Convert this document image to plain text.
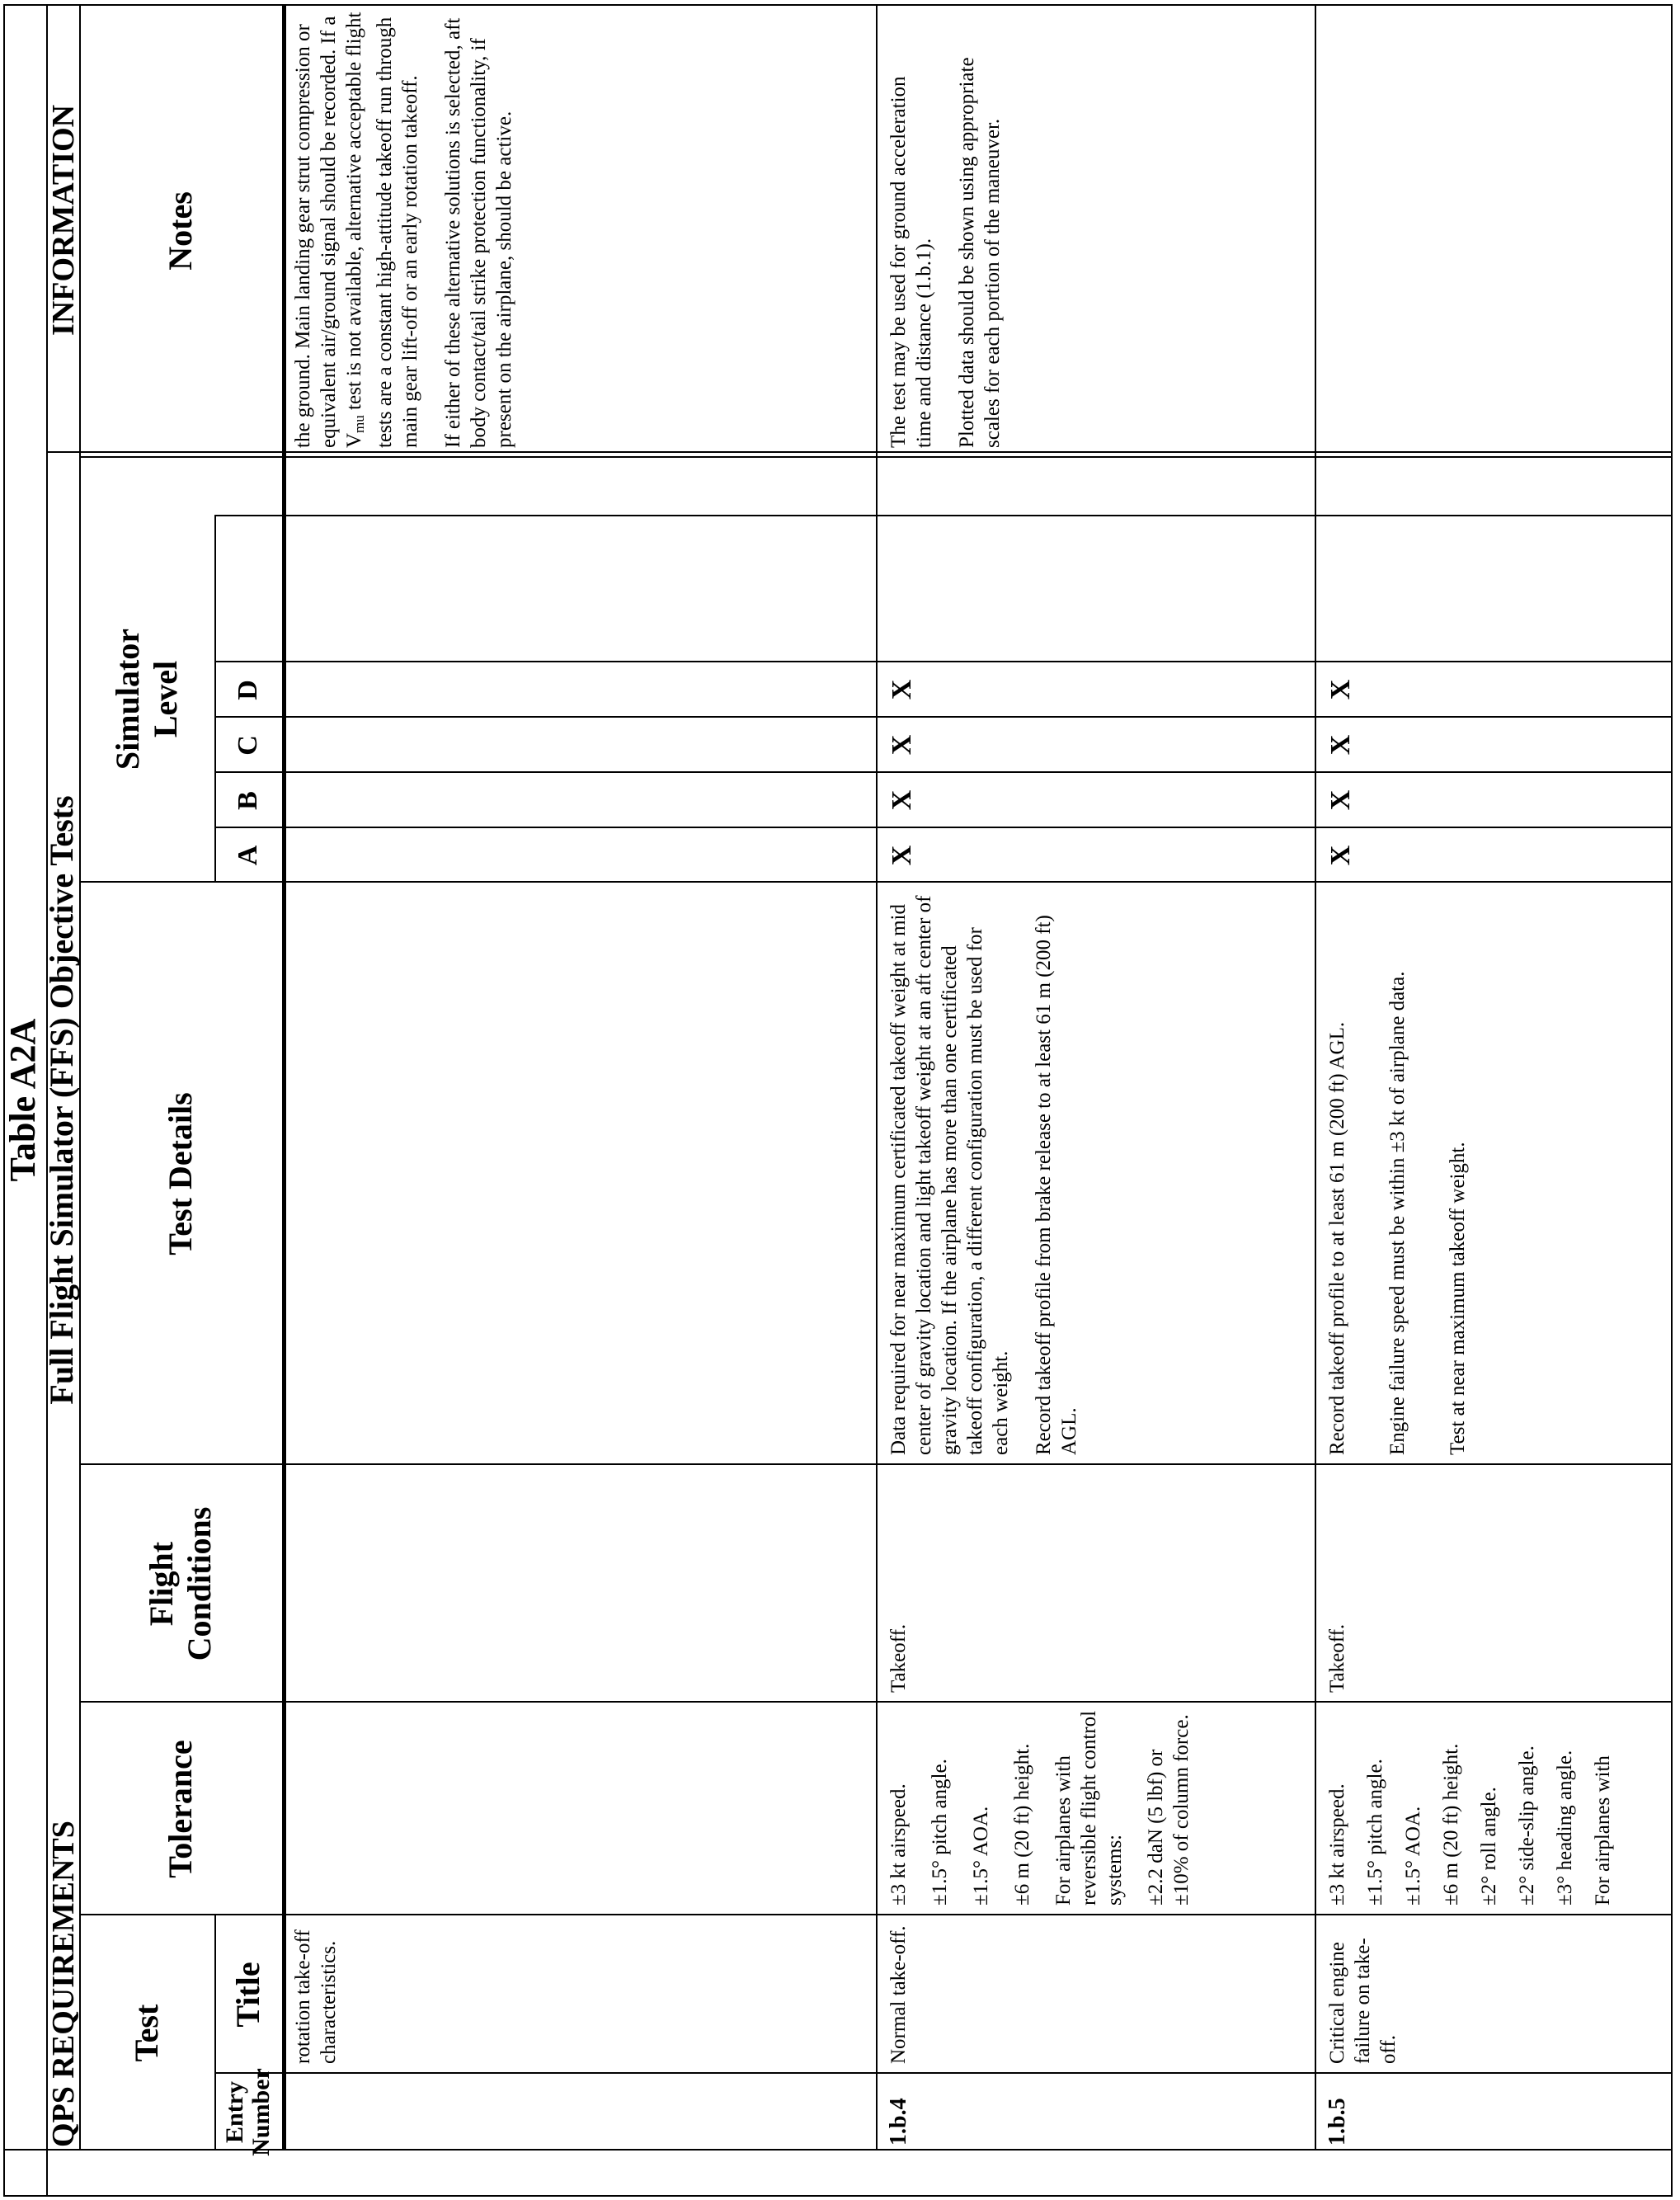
Table A2A Full Flight Simulator (FFS) Objective Tests
QPS REQUIREMENTS
INFORMATION
Test
Entry Number
Title
Tolerance
Flight Conditions
Test Details
Simulator Level
A
B
C
D
Notes
rotation take-off characteristics.

the ground. Main landing gear strut compression or equivalent air/ground signal should be recorded. If a $V_{mu}$ test is not available, alternative acceptable flight tests are a constant high-attitude takeoff run through main gear lift-off or an early rotation takeoff. If either of these alternative solutions is selected, aft body contact/tail strike protection functionality, if present on the airplane, should be active.

1.b.4
Normal take-off.

±3 kt airspeed. ±1.5° pitch angle. ±1.5° AOA. ±6 m (20 ft) height. For airplanes with reversible flight control systems: ±2.2 daN (5 lbf) or ±10% of column force.

Takeoff.

Data required for near maximum certificated takeoff weight at mid center of gravity location and light takeoff weight at an aft center of gravity location. If the airplane has more than one certificated takeoff configuration, a different configuration must be used for each weight. Record takeoff profile from brake release to at least 61 m (200 ft) AGL.

X
X
X
X

The test may be used for ground acceleration time and distance (1.b.1). Plotted data should be shown using appropriate scales for each portion of the maneuver.

1.b.5
Critical engine failure on take-off.

±3 kt airspeed. ±1.5° pitch angle. ±1.5° AOA. ±6 m (20 ft) height. ±2° roll angle. ±2° side-slip angle. ±3° heading angle. For airplanes with

Takeoff.

Record takeoff profile to at least 61 m (200 ft) AGL. Engine failure speed must be within ±3 kt of airplane data. Test at near maximum takeoff weight.

X
X
X
X
